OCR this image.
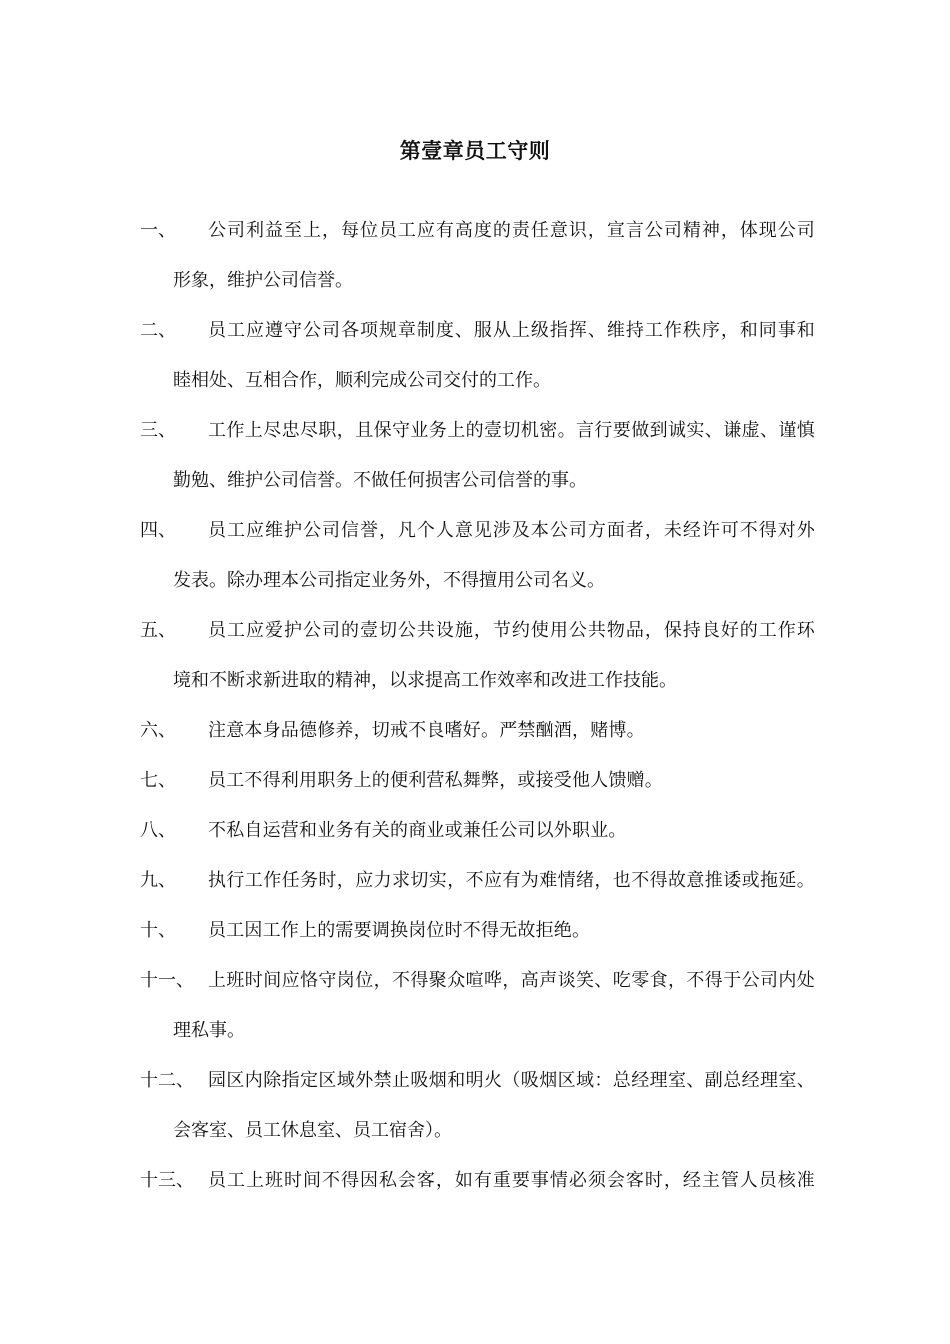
第壹章员工守则
一、	公司利益至上，每位员工应有高度的责任意识，宣言公司精神，体现公司
形象，维护公司信誉。
二、	员工应遵守公司各项规章制度、服从上级指挥、维持工作秩序，和同事和
睦相处、互相合作，顺利完成公司交付的工作。
三、	工作上尽忠尽职，且保守业务上的壹切机密。言行要做到诚实、谦虚、谨慎
勤勉、维护公司信誉。不做任何损害公司信誉的事。
四、	员工应维护公司信誉，凡个人意见涉及本公司方面者，未经许可不得对外
发表。除办理本公司指定业务外，不得擅用公司名义。
五、	员工应爱护公司的壹切公共设施，节约使用公共物品，保持良好的工作环
境和不断求新进取的精神，以求提高工作效率和改进工作技能。
六、	注意本身品德修养，切戒不良嗜好。严禁酗酒，赌博。
七、	员工不得利用职务上的便利营私舞弊，或接受他人馈赠。
八、	不私自运营和业务有关的商业或兼任公司以外职业。
九、	执行工作任务时，应力求切实，不应有为难情绪，也不得故意推诿或拖延。
十、	员工因工作上的需要调换岗位时不得无故拒绝。
十一、 上班时间应恪守岗位，不得聚众喧哗，高声谈笑、吃零食，不得于公司内处
理私事。
十二、 园区内除指定区域外禁止吸烟和明火（吸烟区域：总经理室、副总经理室、
会客室、员工休息室、员工宿舍）。
十三、 员工上班时间不得因私会客，如有重要事情必须会客时，经主管人员核准
